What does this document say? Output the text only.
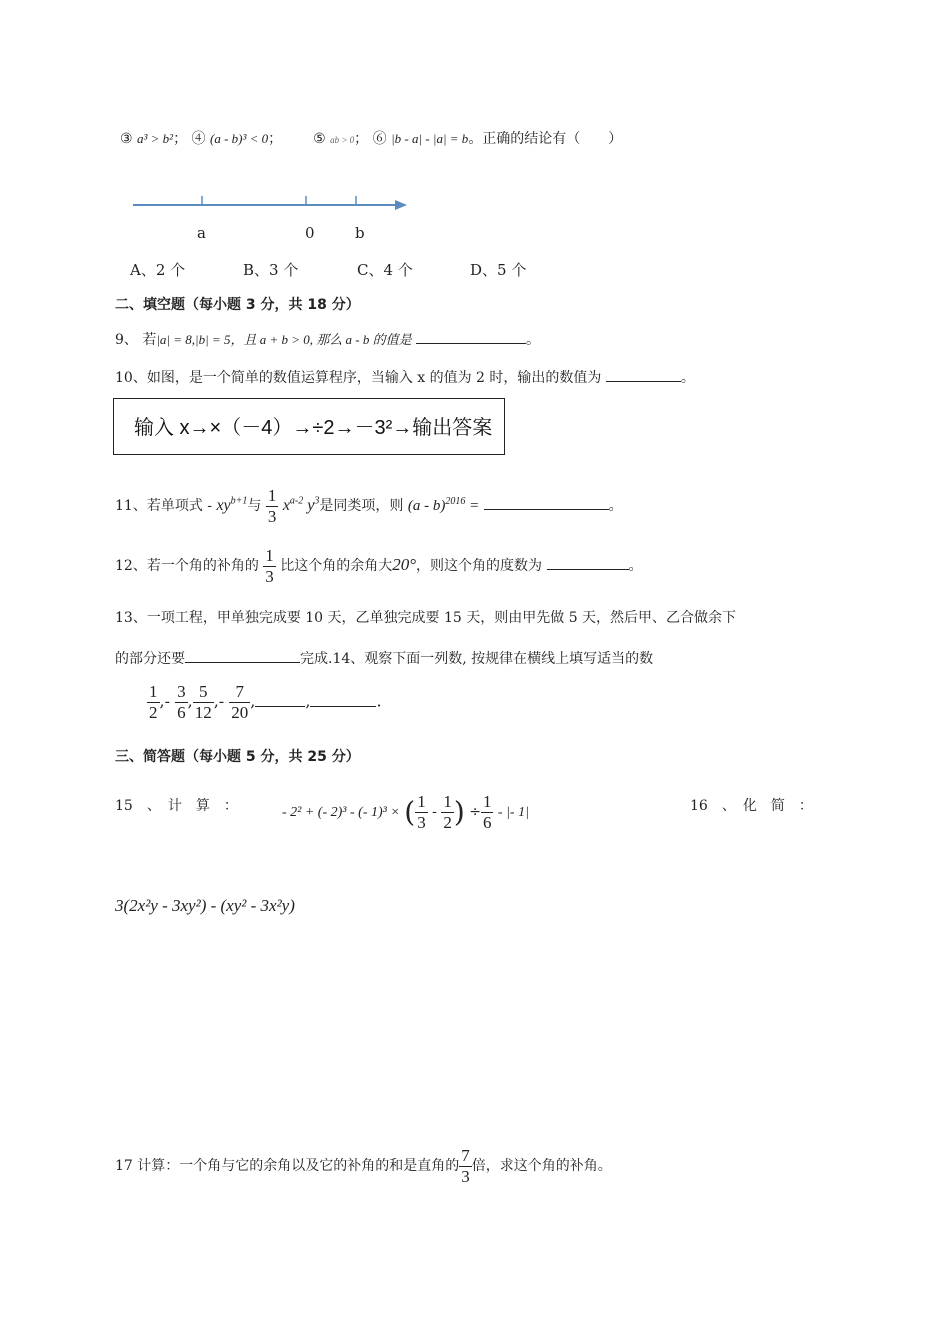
③ a³ > b²； ④ (a - b)³ < 0； ⑤ ab > 0； ⑥ |b - a| - |a| = b。正确的结论有（　　）
a	0	b
A、2 个	B、3 个	C、4 个	D、5 个
二、填空题（每小题 3 分，共 18 分）
9、 若|a| = 8,|b| = 5，且 a + b > 0, 那么 a - b 的值是	。
10、如图，是一个简单的数值运算程序，当输入 x 的值为 2 时，输出的数值为	。
输入 x→×（－4）→÷2→－3²→输出答案
11、若单项式 - $xy^{b+1}$与 $\frac{1}{3} x^{a-2}$ $y^3$是同类项，则 (a - b)$^{2016}$ =	。
12、若一个角的补角的 $\frac{1}{3}$ 比这个角的余角大20°，则这个角的度数为	。
13、一项工程，甲单独完成要 10 天，乙单独完成要 15 天，则由甲先做 5 天，然后甲、乙合做余下
的部分还要	完成.14、观察下面一列数, 按规律在横线上填写适当的数
$\frac{1}{2}$ ,- $\frac{3}{6}$ , $\frac{5}{12}$ ,- $\frac{7}{20}$ ,	,	.
三、简答题（每小题 5 分，共 25 分）
15　、　计　算　：	- 2² + (- 2)³ - (- 1)³ × ( $\frac{1}{3} - \frac{1}{2}$ ) ÷ $\frac{1}{6}$ - |- 1|	16　、　化　简　：
3(2x²y - 3xy²) - (xy² - 3x²y)
17 计算：一个角与它的余角以及它的补角的和是直角的 $\frac{7}{3}$ 倍，求这个角的补角。
